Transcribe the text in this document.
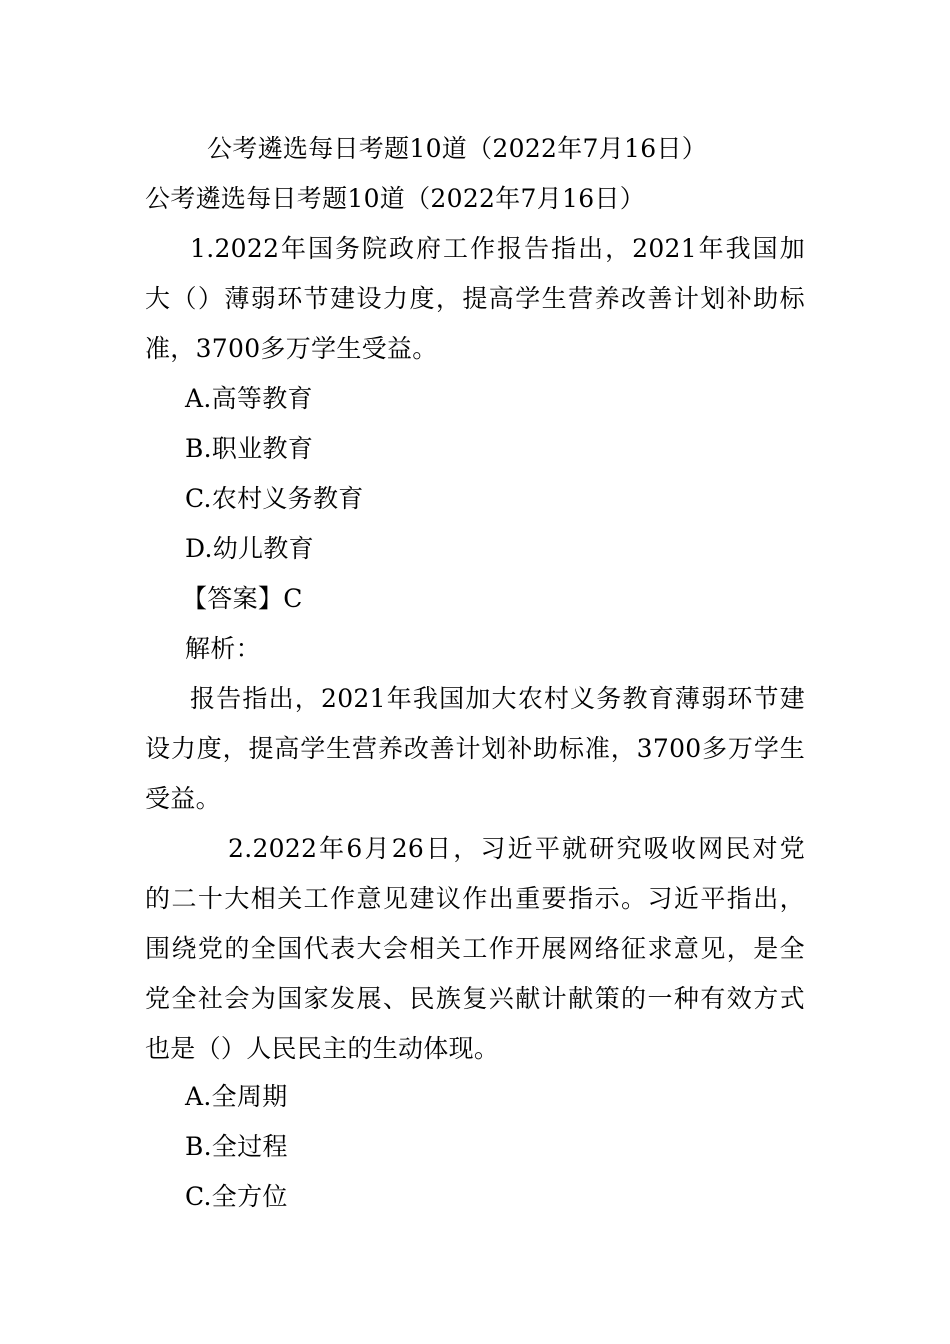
公考遴选每日考题10道（2022年7月16日）
公考遴选每日考题10道（2022年7月16日）
1.2022年国务院政府工作报告指出，2021年我国加
大（）薄弱环节建设力度，提高学生营养改善计划补助标
准，3700多万学生受益。
A.高等教育
B.职业教育
C.农村义务教育
D.幼儿教育
【答案】C
解析：
报告指出，2021年我国加大农村义务教育薄弱环节建
设力度，提高学生营养改善计划补助标准，3700多万学生
受益。
2.2022年6月26日，习近平就研究吸收网民对党
的二十大相关工作意见建议作出重要指示。习近平指出，
围绕党的全国代表大会相关工作开展网络征求意见，是全
党全社会为国家发展、民族复兴献计献策的一种有效方式
也是（）人民民主的生动体现。
A.全周期
B.全过程
C.全方位
